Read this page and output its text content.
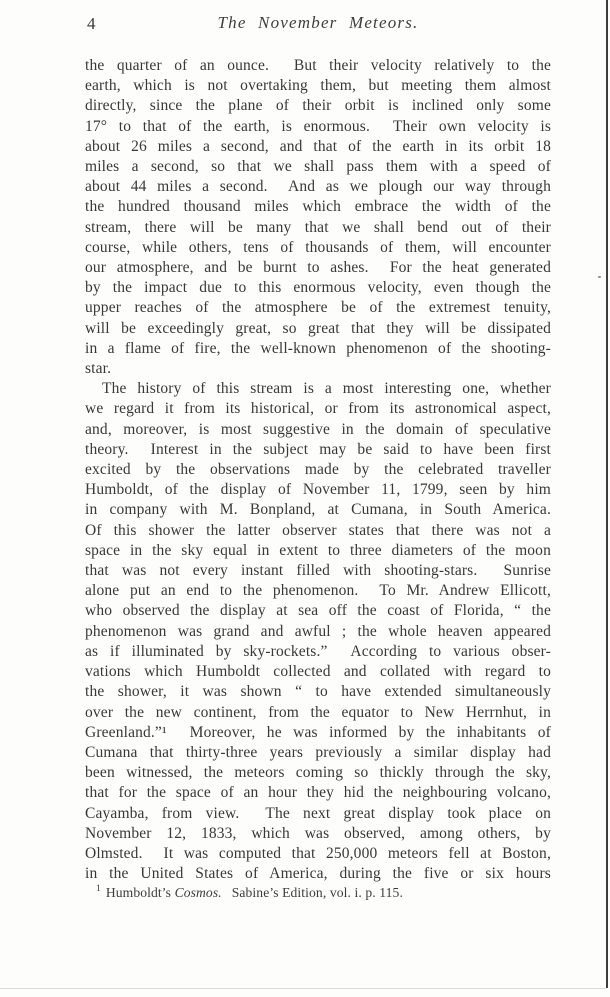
4	The November Meteors.
the quarter of an ounce.  But their velocity relatively to the
earth, which is not overtaking them, but meeting them almost
directly, since the plane of their orbit is inclined only some
17° to that of the earth, is enormous.  Their own velocity is
about 26 miles a second, and that of the earth in its orbit 18
miles a second, so that we shall pass them with a speed of
about 44 miles a second.  And as we plough our way through
the hundred thousand miles which embrace the width of the
stream, there will be many that we shall bend out of their
course, while others, tens of thousands of them, will encounter
our atmosphere, and be burnt to ashes.  For the heat generated
by the impact due to this enormous velocity, even though the
upper reaches of the atmosphere be of the extremest tenuity,
will be exceedingly great, so great that they will be dissipated
in a flame of fire, the well-known phenomenon of the shooting-
star.
The history of this stream is a most interesting one, whether
we regard it from its historical, or from its astronomical aspect,
and, moreover, is most suggestive in the domain of speculative
theory.  Interest in the subject may be said to have been first
excited by the observations made by the celebrated traveller
Humboldt, of the display of November 11, 1799, seen by him
in company with M. Bonpland, at Cumana, in South America.
Of this shower the latter observer states that there was not a
space in the sky equal in extent to three diameters of the moon
that was not every instant filled with shooting-stars.  Sunrise
alone put an end to the phenomenon.  To Mr. Andrew Ellicott,
who observed the display at sea off the coast of Florida, “ the
phenomenon was grand and awful ; the whole heaven appeared
as if illuminated by sky-rockets.”  According to various obser-
vations which Humboldt collected and collated with regard to
the shower, it was shown “ to have extended simultaneously
over the new continent, from the equator to New Herrnhut, in
Greenland.”¹  Moreover, he was informed by the inhabitants of
Cumana that thirty-three years previously a similar display had
been witnessed, the meteors coming so thickly through the sky,
that for the space of an hour they hid the neighbouring volcano,
Cayamba, from view.  The next great display took place on
November 12, 1833, which was observed, among others, by
Olmsted.  It was computed that 250,000 meteors fell at Boston,
in the United States of America, during the five or six hours
$^1$ Humboldt’s Cosmos. Sabine’s Edition, vol. i. p. 115.
